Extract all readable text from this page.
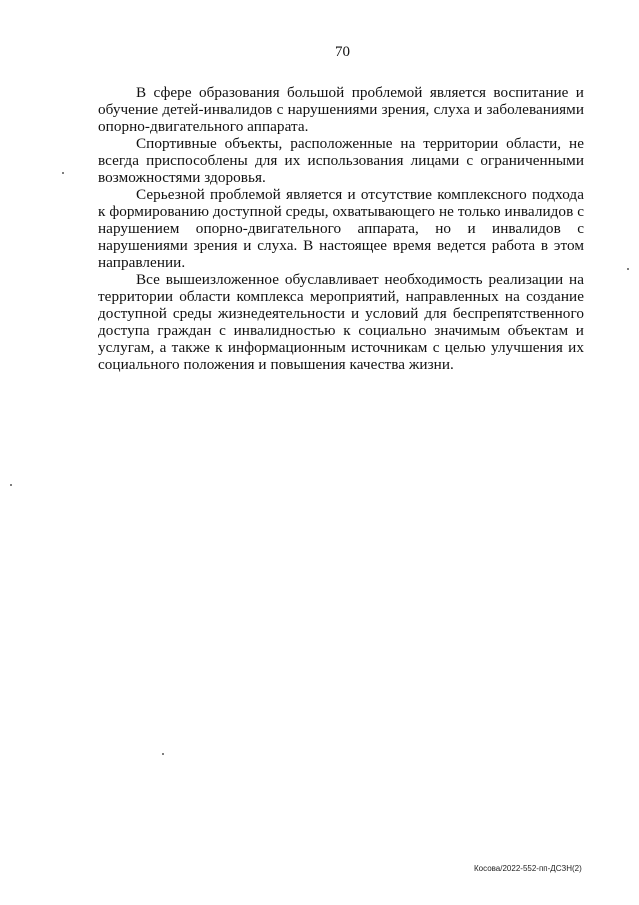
70

В сфере образования большой проблемой является воспитание и обучение детей-инвалидов с нарушениями зрения, слуха и заболеваниями опорно-двигательного аппарата.

Спортивные объекты, расположенные на территории области, не всегда приспособлены для их использования лицами с ограниченными возможностями здоровья.

Серьезной проблемой является и отсутствие комплексного подхода к формированию доступной среды, охватывающего не только инвалидов с нарушением опорно-двигательного аппарата, но и инвалидов с нарушениями зрения и слуха. В настоящее время ведется работа в этом направлении.

Все вышеизложенное обуславливает необходимость реализации на территории области комплекса мероприятий, направленных на создание доступной среды жизнедеятельности и условий для беспрепятственного доступа граждан с инвалидностью к социально значимым объектам и услугам, а также к информационным источникам с целью улучшения их социального положения и повышения качества жизни.

Косова/2022-552-пп-ДСЗН(2)
